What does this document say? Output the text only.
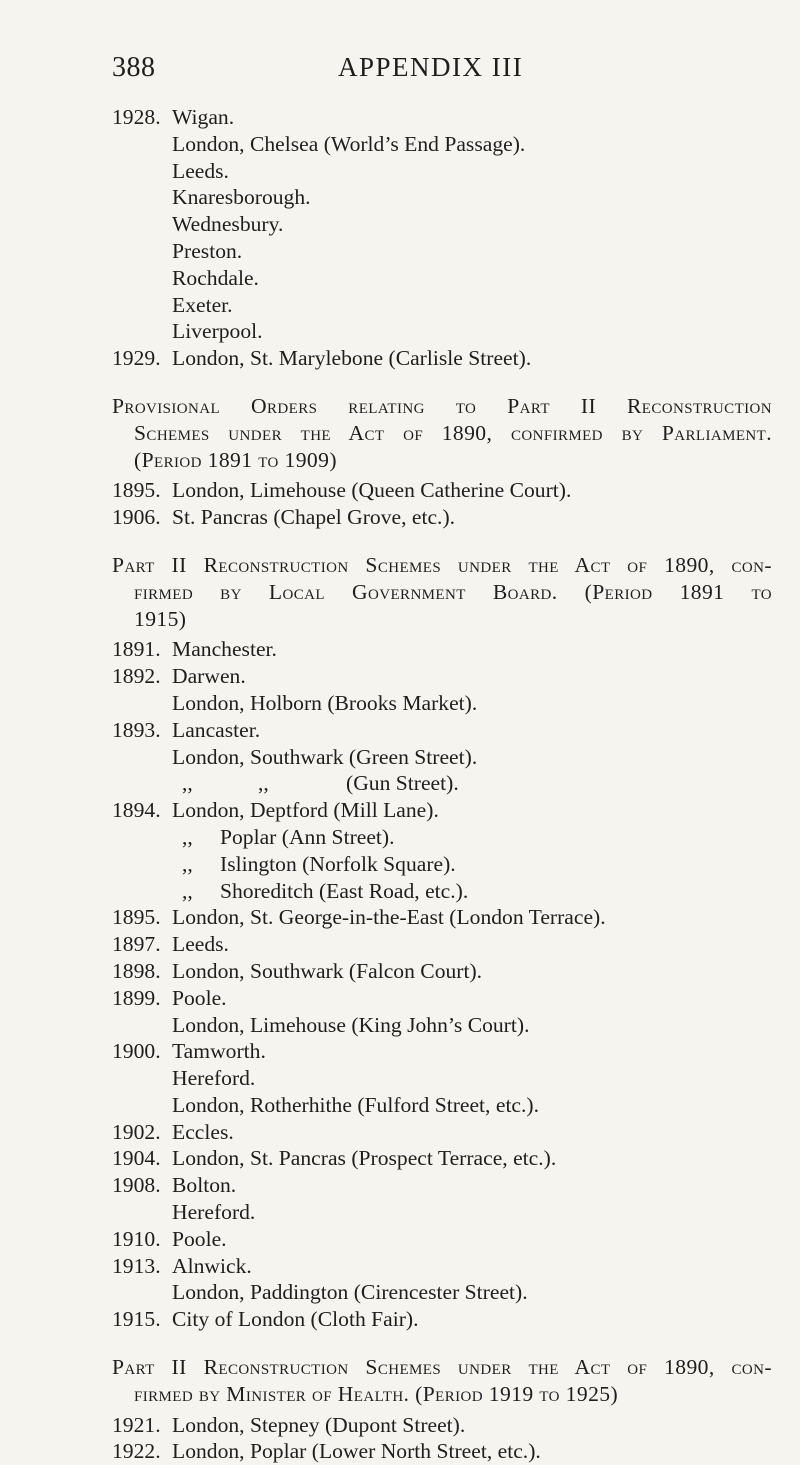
388	APPENDIX III
1928. Wigan.
London, Chelsea (World’s End Passage).
Leeds.
Knaresborough.
Wednesbury.
Preston.
Rochdale.
Exeter.
Liverpool.
1929. London, St. Marylebone (Carlisle Street).
Provisional Orders relating to Part II Reconstruction
Schemes under the Act of 1890, confirmed by Parliament.
(Period 1891 to 1909)
1895. London, Limehouse (Queen Catherine Court).
1906. St. Pancras (Chapel Grove, etc.).
Part II Reconstruction Schemes under the Act of 1890, con-
firmed by Local Government Board. (Period 1891 to
1915)
1891. Manchester.
1892. Darwen.
London, Holborn (Brooks Market).
1893. Lancaster.
London, Southwark (Green Street).
,,	,,	(Gun Street).
1894. London, Deptford (Mill Lane).
,, Poplar (Ann Street).
,, Islington (Norfolk Square).
,, Shoreditch (East Road, etc.).
1895. London, St. George-in-the-East (London Terrace).
1897. Leeds.
1898. London, Southwark (Falcon Court).
1899. Poole.
London, Limehouse (King John’s Court).
1900. Tamworth.
Hereford.
London, Rotherhithe (Fulford Street, etc.).
1902. Eccles.
1904. London, St. Pancras (Prospect Terrace, etc.).
1908. Bolton.
Hereford.
1910. Poole.
1913. Alnwick.
London, Paddington (Cirencester Street).
1915. City of London (Cloth Fair).
Part II Reconstruction Schemes under the Act of 1890, con-
firmed by Minister of Health. (Period 1919 to 1925)
1921. London, Stepney (Dupont Street).
1922. London, Poplar (Lower North Street, etc.).
